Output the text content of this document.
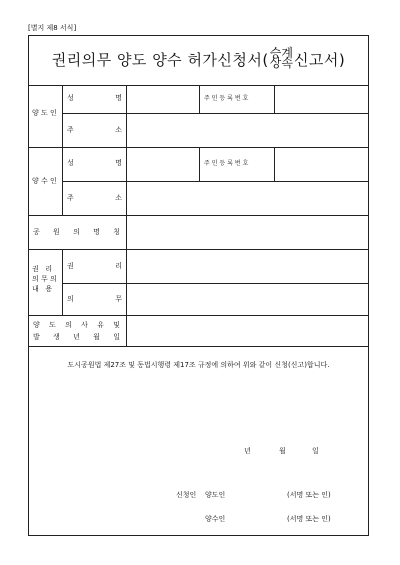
[별지 제8 서식]
권리의무 양도 양수 허가신청서( 승계
상속 신고서)
양 도 인
성	명	주 민 등 록 번 호
주	소
양 수 인
성	명	주 민 등 록 번 호
주	소
공 원 의 명 칭
권   리
의 무 의
내   용
권	리
의	무
양 도 의 사 유 및
발 생 년 월 일
도시공원법 제27조 및 동법시행령 제17조 규정에 의하여 위와 같이 신청(신고)합니다.
년	월	일
신청인 양도인	(서명 또는 인)
양수인	(서명 또는 인)
